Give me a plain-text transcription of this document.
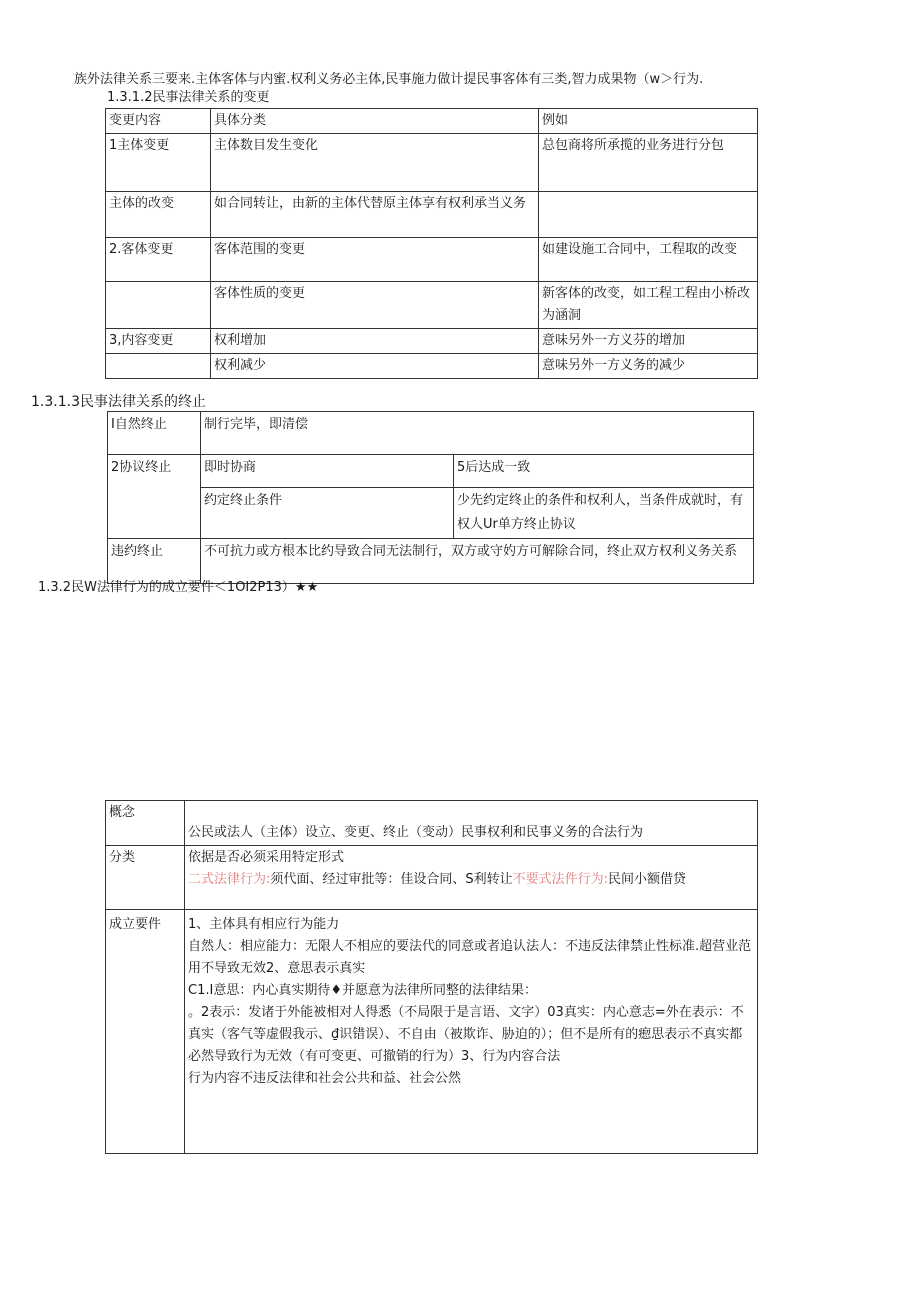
族外法律关系三要来.主体客体与内蜜.权利义务必主体,民事施力做计提民事客体有三类,智力成果物（w＞行为.
1.3.1.2民事法律关系的变更
变更内容	具体分类	例如
1主体变更	主体数目发生变化	总包商将所承揽的业务进行分包
主体的改变	如合同转让，由新的主体代替原主体享有权利承当义务	
2.客体变更	客体范围的变更	如建设施工合同中，工程取的改变
	客体性质的变更	新客体的改变，如工程工程由小桥改为涵洞
3,内容变更	权利增加	意味另外一方义芬的增加
	权利减少	意味另外一方义务的减少
1.3.1.3民事法律关系的终止
I自然终止	制行完毕，即清偿	
2协议终止	即时协商	5后达成一致
	约定终止条件	少先约定终止的条件和权利人，当条件成就时，有权人Ur单方终止协议
违约终止	不可抗力或方根本比约导致合同无法制行，双方或守妁方可解除合同，终止双方权利义务关系	
1.3.2民W法律行为的成立要件＜1OI2P13）★★
概念	公民或法人（主体）设立、变更、终止（变动）民事权利和民事义务的合法行为
分类	依据是否必须采用特定形式
二式法律行为:须代面、经过审批等：佳设合同、S利转让不要式法件行为:民间小额借贷

成立要件	1、主体具有相应行为能力
自然人：相应能力：无限人不相应的要法代的同意或者追认法人：不违反法律禁止性标准.超营业范用不导致无效2、意思表示真实
C1.I意思：内心真实期待♦并愿意为法律所同整的法律结果：
。2表示：发诸于外能被相对人得悉（不局限于是言语、文字）03真实：内心意志=外在表示：不真实（客气等虚假我示、₫识错误）、不自由（被欺诈、胁迫的）；但不是所有的瘛思表示不真实都必然导致行为无效（有可变更、可撤销的行为）3、行为内容合法
行为内容不违反法律和社会公共和益、社会公然
